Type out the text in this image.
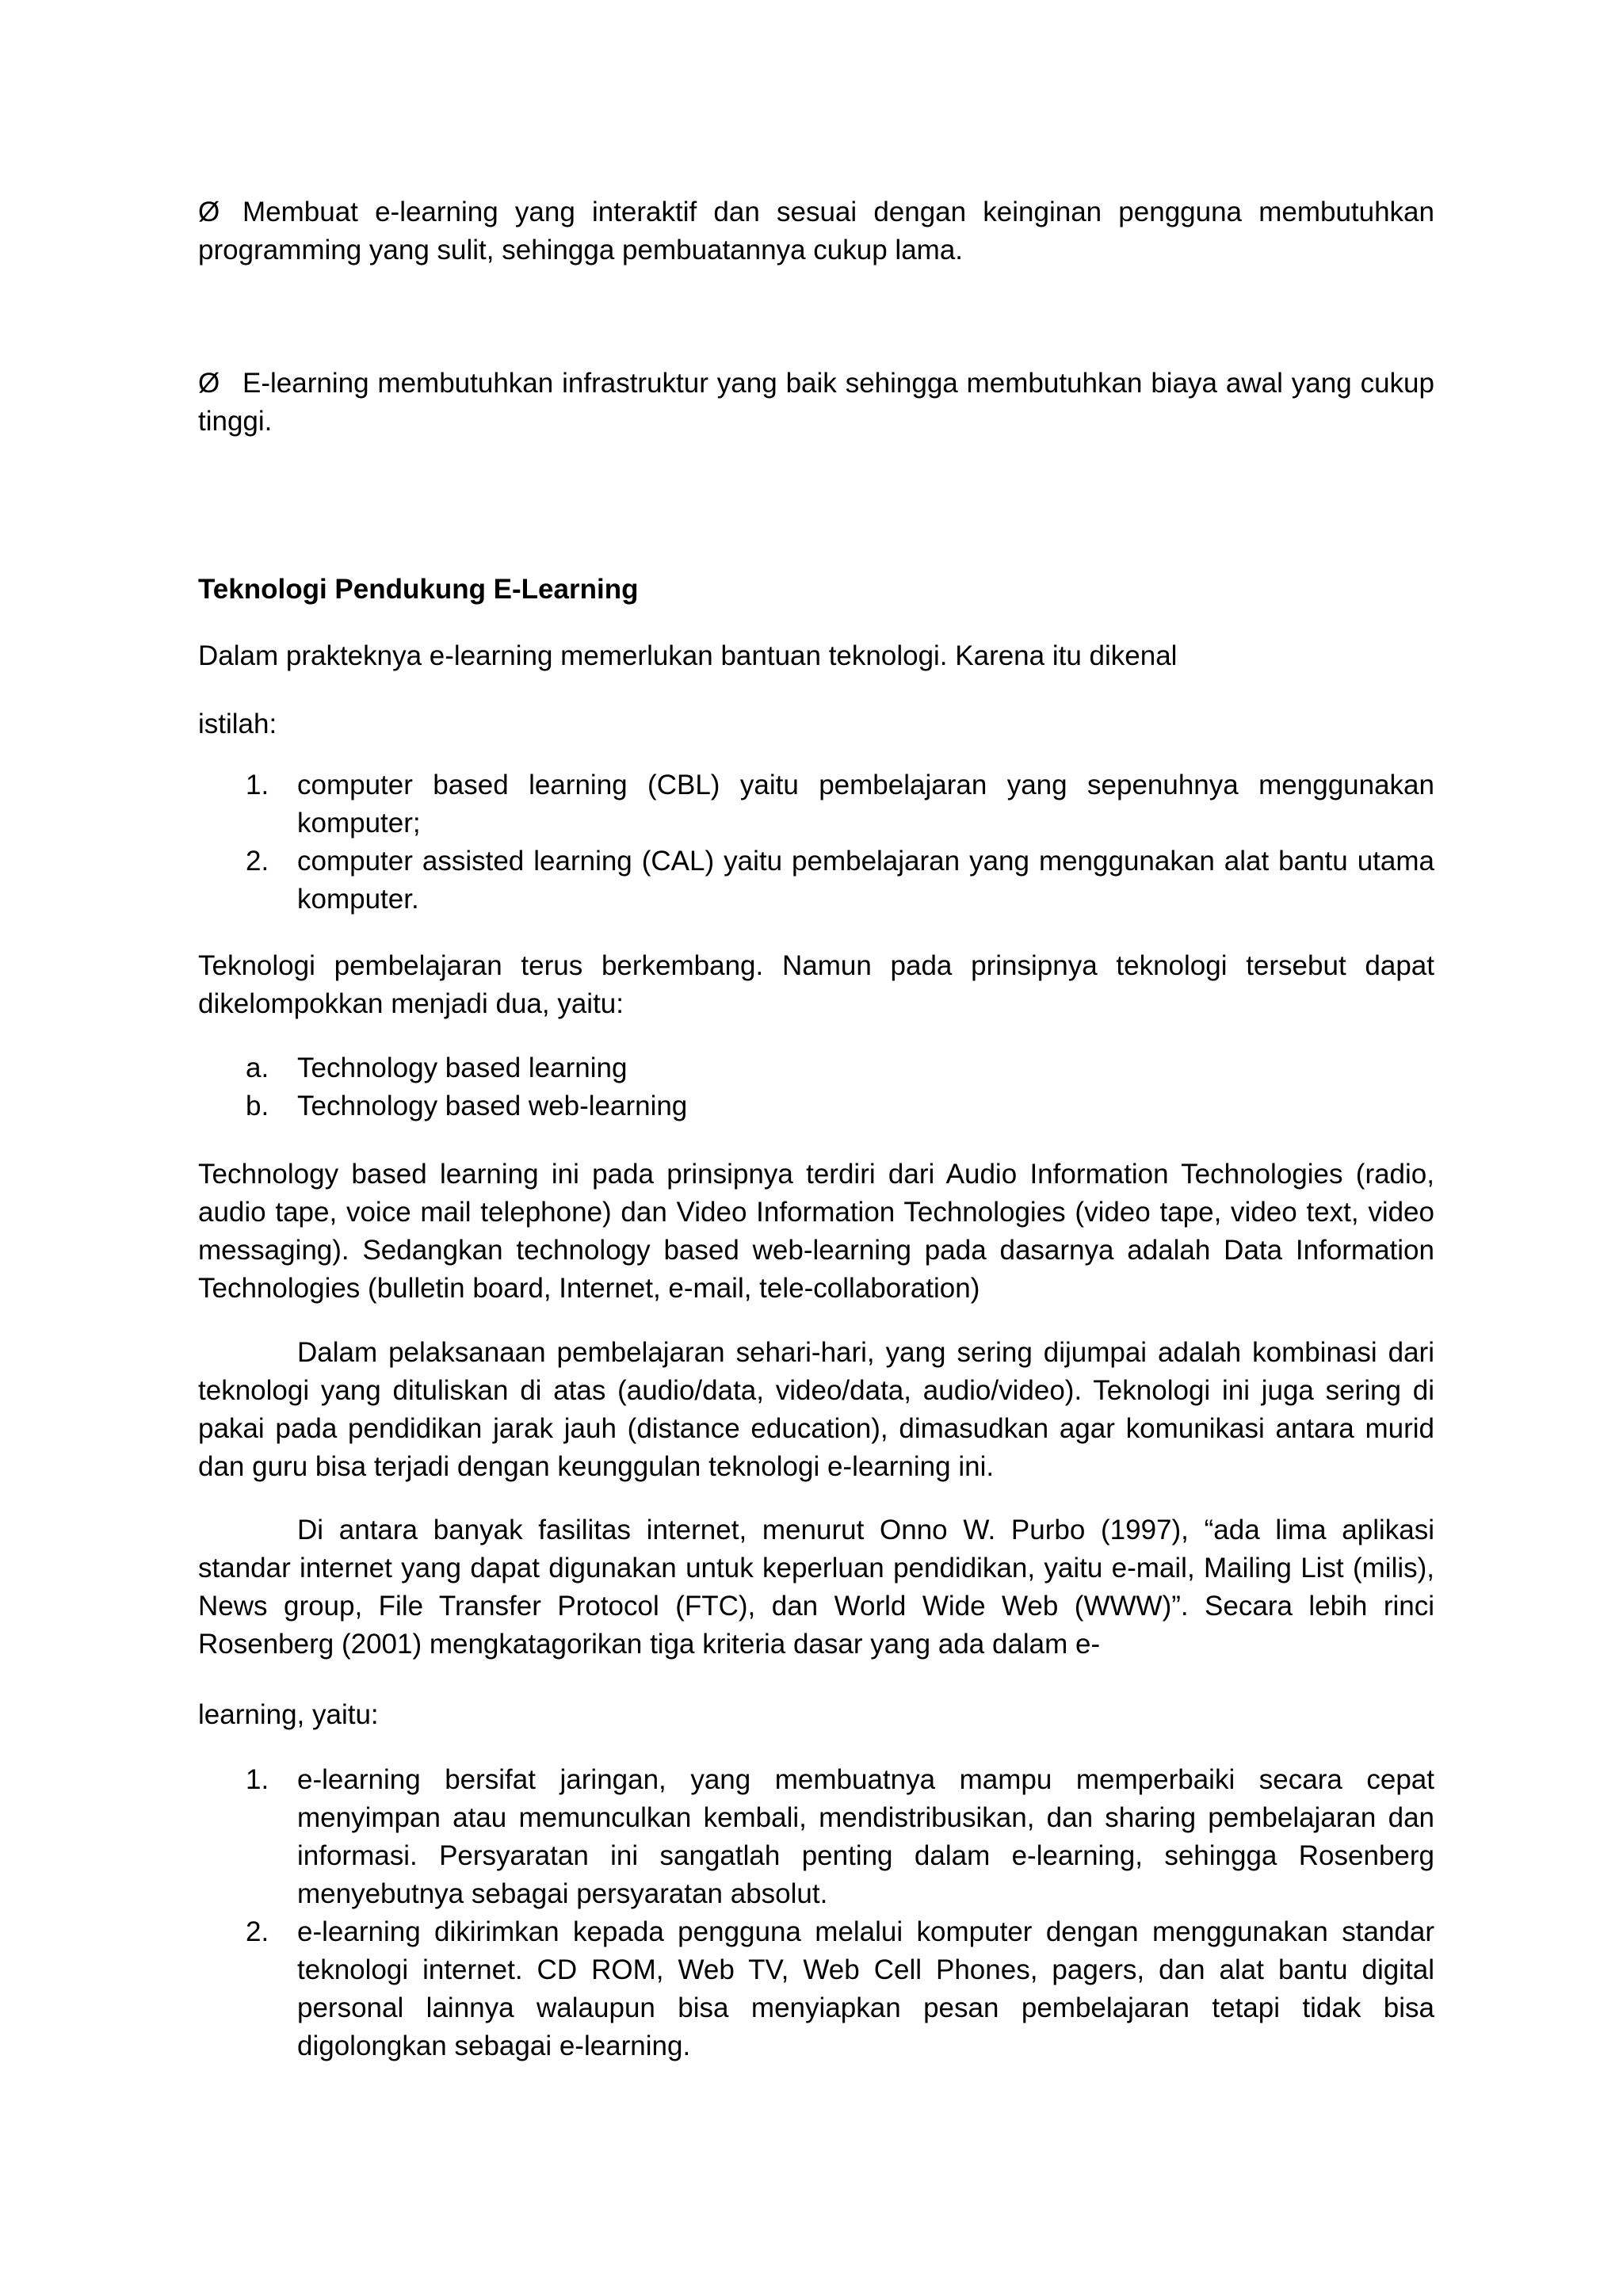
Ø Membuat e-learning yang interaktif dan sesuai dengan keinginan pengguna membutuhkan programming yang sulit, sehingga pembuatannya cukup lama.

Ø E-learning membutuhkan infrastruktur yang baik sehingga membutuhkan biaya awal yang cukup tinggi.

Teknologi Pendukung E-Learning

Dalam prakteknya e-learning memerlukan bantuan teknologi. Karena itu dikenal

istilah:

1.	computer based learning (CBL) yaitu pembelajaran yang sepenuhnya menggunakan komputer;
2.	computer assisted learning (CAL) yaitu pembelajaran yang menggunakan alat bantu utama komputer.

Teknologi pembelajaran terus berkembang. Namun pada prinsipnya teknologi tersebut dapat dikelompokkan menjadi dua, yaitu:

a.	Technology based learning
b.	Technology based web-learning

Technology based learning ini pada prinsipnya terdiri dari Audio Information Technologies (radio, audio tape, voice mail telephone) dan Video Information Technologies (video tape, video text, video messaging). Sedangkan technology based web-learning pada dasarnya adalah Data Information Technologies (bulletin board, Internet, e-mail, tele-collaboration)

Dalam pelaksanaan pembelajaran sehari-hari, yang sering dijumpai adalah kombinasi dari teknologi yang dituliskan di atas (audio/data, video/data, audio/video). Teknologi ini juga sering di pakai pada pendidikan jarak jauh (distance education), dimasudkan agar komunikasi antara murid dan guru bisa terjadi dengan keunggulan teknologi e-learning ini.

Di antara banyak fasilitas internet, menurut Onno W. Purbo (1997), “ada lima aplikasi standar internet yang dapat digunakan untuk keperluan pendidikan, yaitu e-mail, Mailing List (milis), News group, File Transfer Protocol (FTC), dan World Wide Web (WWW)”. Secara lebih rinci Rosenberg (2001) mengkatagorikan tiga kriteria dasar yang ada dalam e-

learning, yaitu:

1.	e-learning bersifat jaringan, yang membuatnya mampu memperbaiki secara cepat menyimpan atau memunculkan kembali, mendistribusikan, dan sharing pembelajaran dan informasi. Persyaratan ini sangatlah penting dalam e-learning, sehingga Rosenberg menyebutnya sebagai persyaratan absolut.
2.	e-learning dikirimkan kepada pengguna melalui komputer dengan menggunakan standar teknologi internet. CD ROM, Web TV, Web Cell Phones, pagers, dan alat bantu digital personal lainnya walaupun bisa menyiapkan pesan pembelajaran tetapi tidak bisa digolongkan sebagai e-learning.
